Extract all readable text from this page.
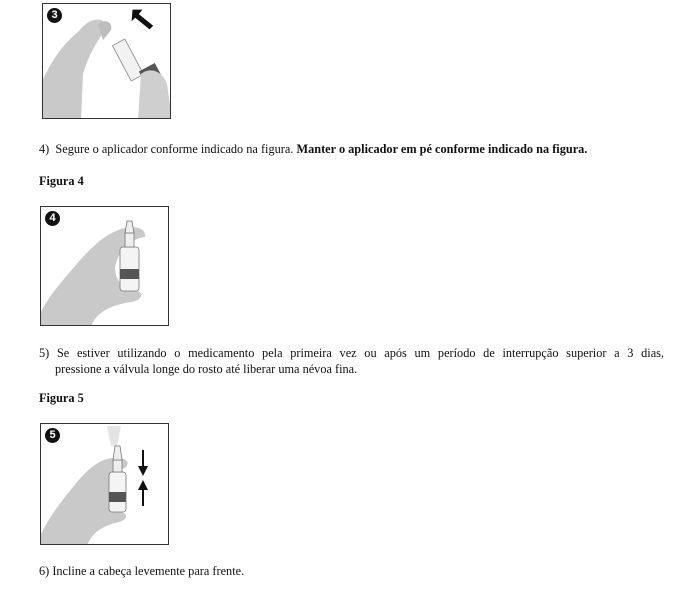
3
4) Segure o aplicador conforme indicado na figura. Manter o aplicador em pé conforme indicado na figura.
Figura 4
4
5) Se estiver utilizando o medicamento pela primeira vez ou após um período de interrupção superior a 3 dias,
pressione a válvula longe do rosto até liberar uma névoa fina.
Figura 5
5
6) Incline a cabeça levemente para frente.
